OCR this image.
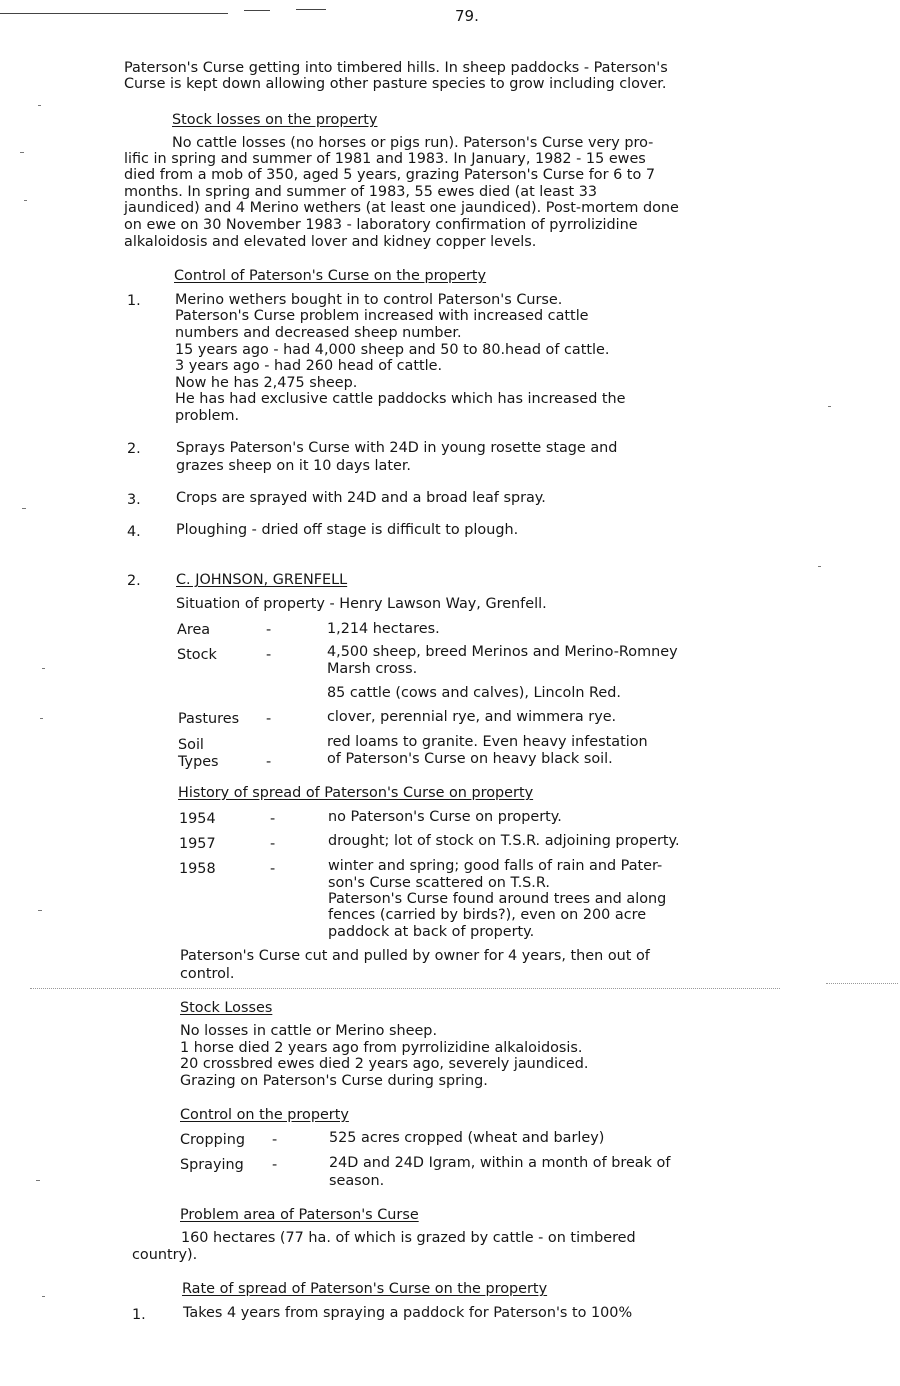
79.
Paterson's Curse getting into timbered hills. In sheep paddocks - Paterson's
Curse is kept down allowing other pasture species to grow including clover.
Stock losses on the property
No cattle losses (no horses or pigs run). Paterson's Curse very pro-
lific in spring and summer of 1981 and 1983. In January, 1982 - 15 ewes
died from a mob of 350, aged 5 years, grazing Paterson's Curse for 6 to 7
months. In spring and summer of 1983, 55 ewes died (at least 33
jaundiced) and 4 Merino wethers (at least one jaundiced). Post-mortem done
on ewe on 30 November 1983 - laboratory confirmation of pyrrolizidine
alkaloidosis and elevated lover and kidney copper levels.
Control of Paterson's Curse on the property
1. Merino wethers bought in to control Paterson's Curse.
Paterson's Curse problem increased with increased cattle
numbers and decreased sheep number.
15 years ago - had 4,000 sheep and 50 to 80.head of cattle.
3 years ago - had 260 head of cattle.
Now he has 2,475 sheep.
He has had exclusive cattle paddocks which has increased the
problem.
2. Sprays Paterson's Curse with 24D in young rosette stage and
grazes sheep on it 10 days later.
3. Crops are sprayed with 24D and a broad leaf spray.
4. Ploughing - dried off stage is difficult to plough.
2. C. JOHNSON, GRENFELL
Situation of property - Henry Lawson Way, Grenfell.
Area	-	1,214 hectares.
Stock	-	4,500 sheep, breed Merinos and Merino-Romney
Marsh cross.
85 cattle (cows and calves), Lincoln Red.
Pastures -	clover, perennial rye, and wimmera rye.
Soil
Types	-
red loams to granite. Even heavy infestation
of Paterson's Curse on heavy black soil.
History of spread of Paterson's Curse on property
1954	-	no Paterson's Curse on property.
1957	-	drought; lot of stock on T.S.R. adjoining property.
1958	-	winter and spring; good falls of rain and Pater-
son's Curse scattered on T.S.R.
Paterson's Curse found around trees and along
fences (carried by birds?), even on 200 acre
paddock at back of property.
Paterson's Curse cut and pulled by owner for 4 years, then out of
control.
Stock Losses
No losses in cattle or Merino sheep.
1 horse died 2 years ago from pyrrolizidine alkaloidosis.
20 crossbred ewes died 2 years ago, severely jaundiced.
Grazing on Paterson's Curse during spring.
Control on the property
Cropping -	525 acres cropped (wheat and barley)
Spraying -	24D and 24D Igram, within a month of break of
season.
Problem area of Paterson's Curse
160 hectares (77 ha. of which is grazed by cattle - on timbered
country).
Rate of spread of Paterson's Curse on the property
1.	Takes 4 years from spraying a paddock for Paterson's to 100%
